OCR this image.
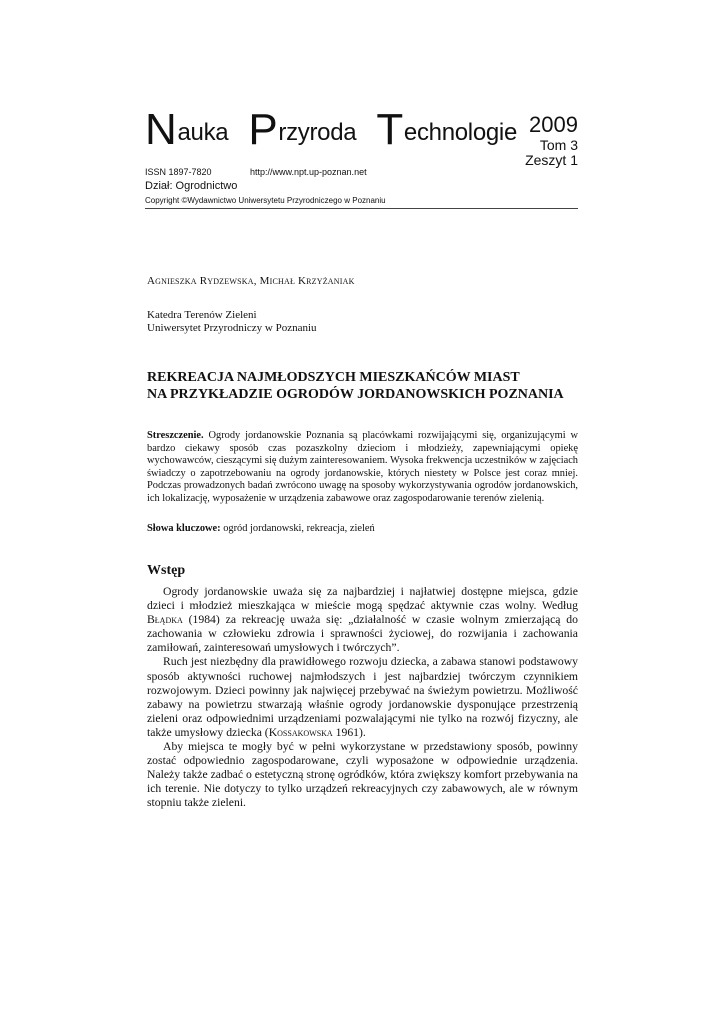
Nauka Przyroda Technologie 2009
Tom 3
Zeszyt 1
ISSN 1897-7820	http://www.npt.up-poznan.net
Dział: Ogrodnictwo
Copyright ©Wydawnictwo Uniwersytetu Przyrodniczego w Poznaniu
Agnieszka Rydzewska, Michał Krzyżaniak
Katedra Terenów Zieleni
Uniwersytet Przyrodniczy w Poznaniu
REKREACJA NAJMŁODSZYCH MIESZKAŃCÓW MIAST
NA PRZYKŁADZIE OGRODÓW JORDANOWSKICH POZNANIA
Streszczenie. Ogrody jordanowskie Poznania są placówkami rozwijającymi się, organizującymi w bardzo ciekawy sposób czas pozaszkolny dzieciom i młodzieży, zapewniającymi opiekę wychowawców, cieszącymi się dużym zainteresowaniem. Wysoka frekwencja uczestników w zajęciach świadczy o zapotrzebowaniu na ogrody jordanowskie, których niestety w Polsce jest coraz mniej. Podczas prowadzonych badań zwrócono uwagę na sposoby wykorzystywania ogrodów jordanowskich, ich lokalizację, wyposażenie w urządzenia zabawowe oraz zagospodarowanie terenów zielenią.
Słowa kluczowe: ogród jordanowski, rekreacja, zieleń
Wstęp

Ogrody jordanowskie uważa się za najbardziej i najłatwiej dostępne miejsca, gdzie dzieci i młodzież mieszkająca w mieście mogą spędzać aktywnie czas wolny. Według Błądka (1984) za rekreację uważa się: „działalność w czasie wolnym zmierzającą do zachowania w człowieku zdrowia i sprawności życiowej, do rozwijania i zachowania zamiłowań, zainteresowań umysłowych i twórczych”.

Ruch jest niezbędny dla prawidłowego rozwoju dziecka, a zabawa stanowi podstawowy sposób aktywności ruchowej najmłodszych i jest najbardziej twórczym czynnikiem rozwojowym. Dzieci powinny jak najwięcej przebywać na świeżym powietrzu. Możliwość zabawy na powietrzu stwarzają właśnie ogrody jordanowskie dysponujące przestrzenią zieleni oraz odpowiednimi urządzeniami pozwalającymi nie tylko na rozwój fizyczny, ale także umysłowy dziecka (Kossakowska 1961).

Aby miejsca te mogły być w pełni wykorzystane w przedstawiony sposób, powinny zostać odpowiednio zagospodarowane, czyli wyposażone w odpowiednie urządzenia. Należy także zadbać o estetyczną stronę ogródków, która zwiększy komfort przebywania na ich terenie. Nie dotyczy to tylko urządzeń rekreacyjnych czy zabawowych, ale w równym stopniu także zieleni.
